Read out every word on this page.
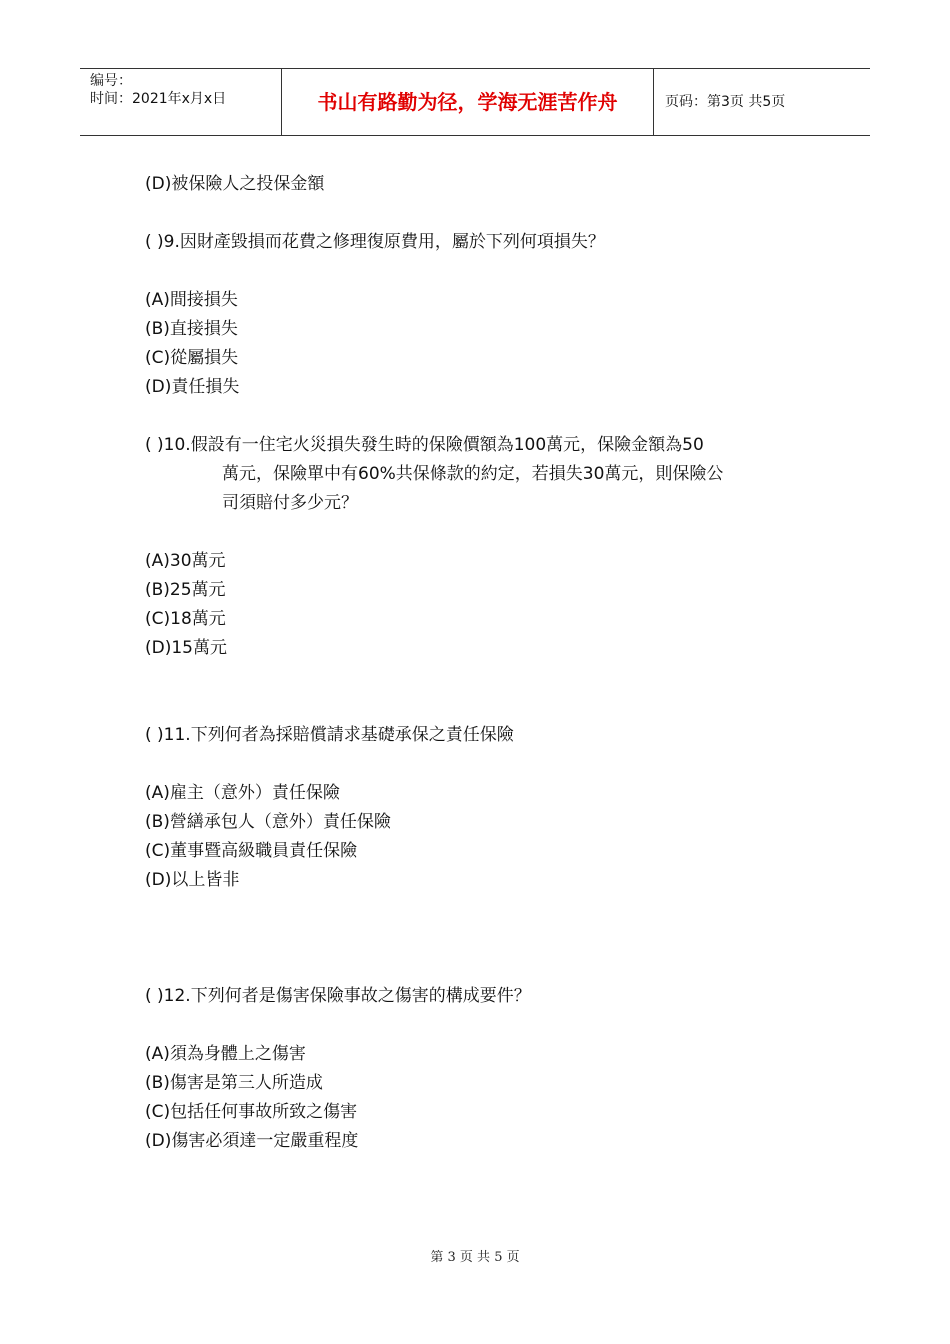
编号：
时间：2021年x月x日	书山有路勤为径，学海无涯苦作舟	页码：第3页 共5页
(D)被保險人之投保金額
( )9.因財產毀損而花費之修理復原費用，屬於下列何項損失？
(A)間接損失
(B)直接損失
(C)從屬損失
(D)責任損失
( )10.假設有一住宅火災損失發生時的保險價額為100萬元，保險金額為50
萬元，保險單中有60%共保條款的約定，若損失30萬元，則保險公
司須賠付多少元？
(A)30萬元
(B)25萬元
(C)18萬元
(D)15萬元
( )11.下列何者為採賠償請求基礎承保之責任保險
(A)雇主（意外）責任保險
(B)營繕承包人（意外）責任保險
(C)董事暨高級職員責任保險
(D)以上皆非
( )12.下列何者是傷害保險事故之傷害的構成要件？
(A)須為身體上之傷害
(B)傷害是第三人所造成
(C)包括任何事故所致之傷害
(D)傷害必須達一定嚴重程度
第 3 页 共 5 页
